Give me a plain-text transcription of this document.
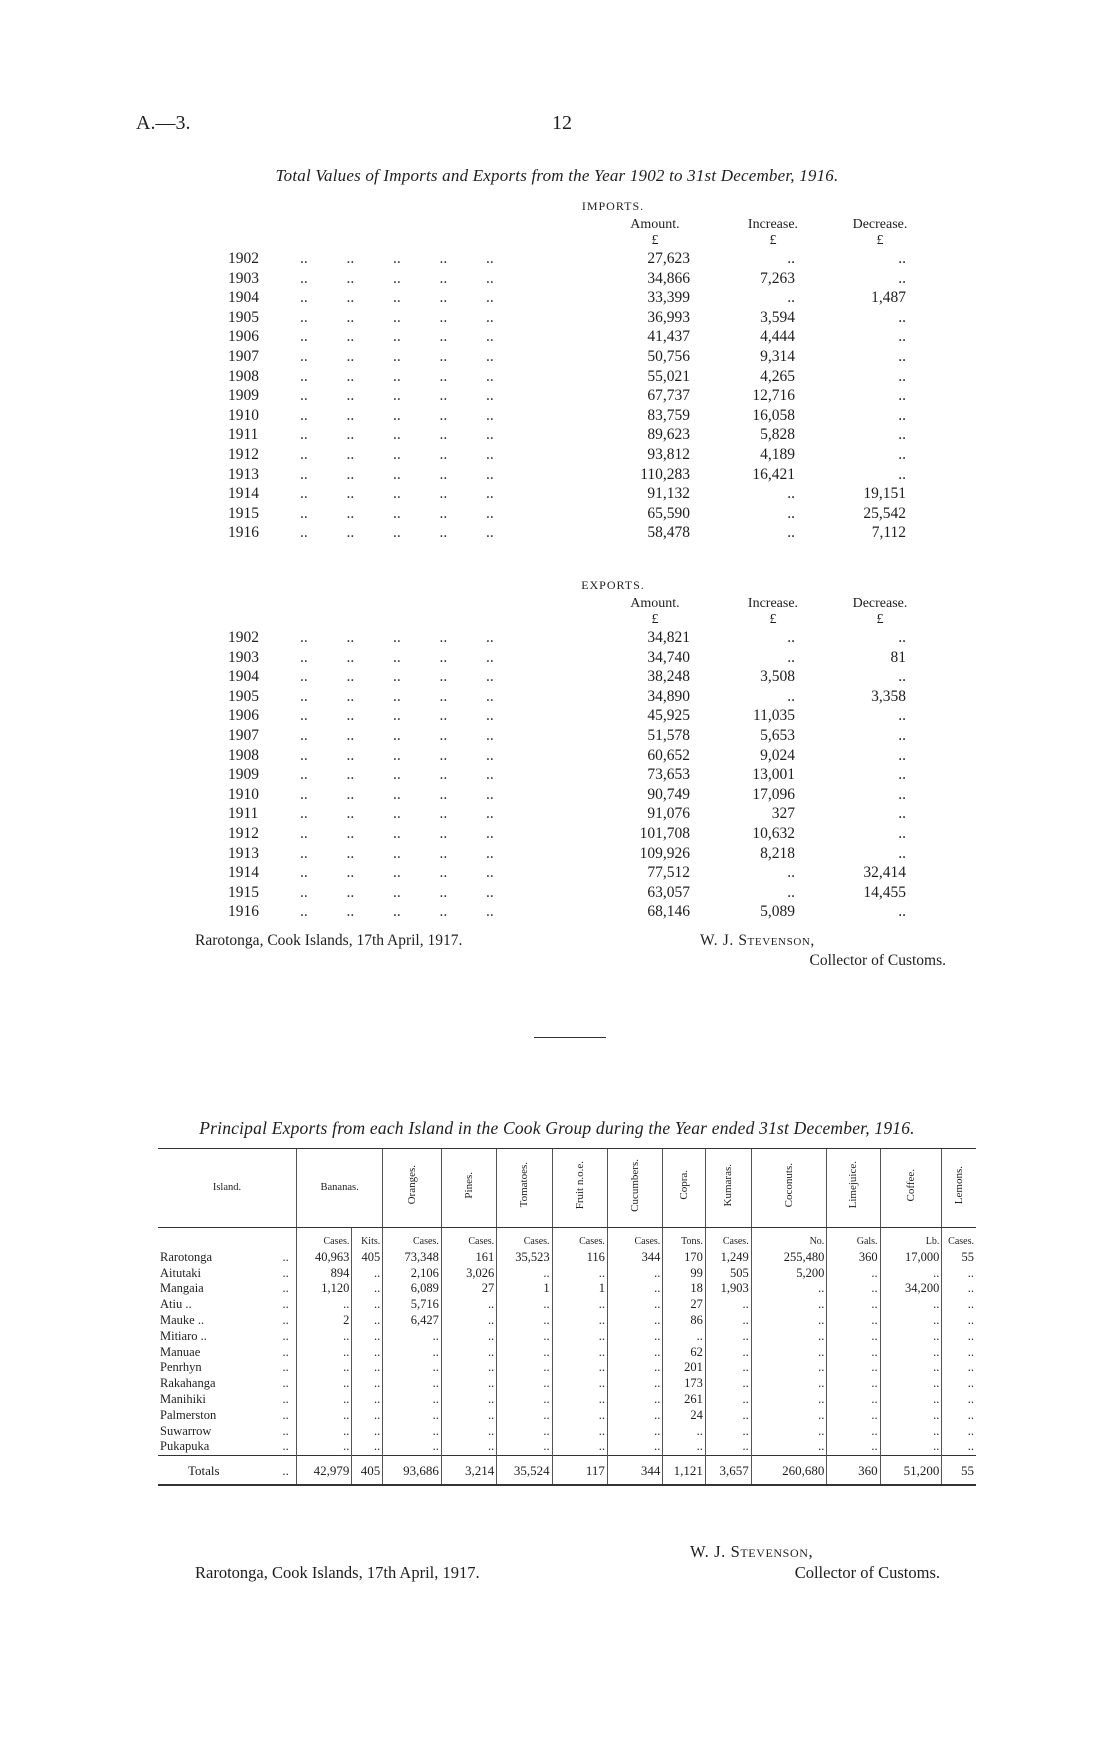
A.—3.	12
Total Values of Imports and Exports from the Year 1902 to 31st December, 1916.
IMPORTS.
Amount.
£
Increase.
£
Decrease.
£
1902	..          ..          ..          ..          ..	27,623	..	..
1903	..          ..          ..          ..          ..	34,866	7,263	..
1904	..          ..          ..          ..          ..	33,399	..	1,487
1905	..          ..          ..          ..          ..	36,993	3,594	..
1906	..          ..          ..          ..          ..	41,437	4,444	..
1907	..          ..          ..          ..          ..	50,756	9,314	..
1908	..          ..          ..          ..          ..	55,021	4,265	..
1909	..          ..          ..          ..          ..	67,737	12,716	..
1910	..          ..          ..          ..          ..	83,759	16,058	..
1911	..          ..          ..          ..          ..	89,623	5,828	..
1912	..          ..          ..          ..          ..	93,812	4,189	..
1913	..          ..          ..          ..          ..	110,283	16,421	..
1914	..          ..          ..          ..          ..	91,132	..	19,151
1915	..          ..          ..          ..          ..	65,590	..	25,542
1916	..          ..          ..          ..          ..	58,478	..	7,112
EXPORTS.
Amount.
£
Increase.
£
Decrease.
£
1902	..          ..          ..          ..          ..	34,821	..	..
1903	..          ..          ..          ..          ..	34,740	..	81
1904	..          ..          ..          ..          ..	38,248	3,508	..
1905	..          ..          ..          ..          ..	34,890	..	3,358
1906	..          ..          ..          ..          ..	45,925	11,035	..
1907	..          ..          ..          ..          ..	51,578	5,653	..
1908	..          ..          ..          ..          ..	60,652	9,024	..
1909	..          ..          ..          ..          ..	73,653	13,001	..
1910	..          ..          ..          ..          ..	90,749	17,096	..
1911	..          ..          ..          ..          ..	91,076	327	..
1912	..          ..          ..          ..          ..	101,708	10,632	..
1913	..          ..          ..          ..          ..	109,926	8,218	..
1914	..          ..          ..          ..          ..	77,512	..	32,414
1915	..          ..          ..          ..          ..	63,057	..	14,455
1916	..          ..          ..          ..          ..	68,146	5,089	..
Rarotonga, Cook Islands, 17th April, 1917.	W. J. Stevenson,
Collector of Customs.
Principal Exports from each Island in the Cook Group during the Year ended 31st December, 1916.
Island.		Bananas.		Oranges.	Pines.	Tomatoes.	Fruit n.o.e.	Cucumbers.	Copra.	Kumaras.	Coconuts.	Limejuice.	Coffee.	Lemons.
		Cases.	Kits.	Cases.	Cases.	Cases.	Cases.	Cases.	Tons.	Cases.	No.	Gals.	Lb.	Cases.
Rarotonga	..	40,963	405	73,348	161	35,523	116	344	170	1,249	255,480	360	17,000	55
Aitutaki	..	894	..	2,106	3,026	..	..	..	99	505	5,200	..	..	..
Mangaia	..	1,120	..	6,089	27	1	1	..	18	1,903	..	..	34,200	..
Atiu ..	..	..	..	5,716	..	..	..	..	27	..	..	..	..	..
Mauke ..	..	2	..	6,427	..	..	..	..	86	..	..	..	..	..
Mitiaro ..	..	..	..	..	..	..	..	..	..	..	..	..	..	..
Manuae	..	..	..	..	..	..	..	..	62	..	..	..	..	..
Penrhyn	..	..	..	..	..	..	..	..	201	..	..	..	..	..
Rakahanga	..	..	..	..	..	..	..	..	173	..	..	..	..	..
Manihiki	..	..	..	..	..	..	..	..	261	..	..	..	..	..
Palmerston	..	..	..	..	..	..	..	..	24	..	..	..	..	..
Suwarrow	..	..	..	..	..	..	..	..	..	..	..	..	..	..
Pukapuka	..	..	..	..	..	..	..	..	..	..	..	..	..	..
Totals	..	42,979	405	93,686	3,214	35,524	117	344	1,121	3,657	260,680	360	51,200	55
W. J. Stevenson,
Rarotonga, Cook Islands, 17th April, 1917.	Collector of Customs.
